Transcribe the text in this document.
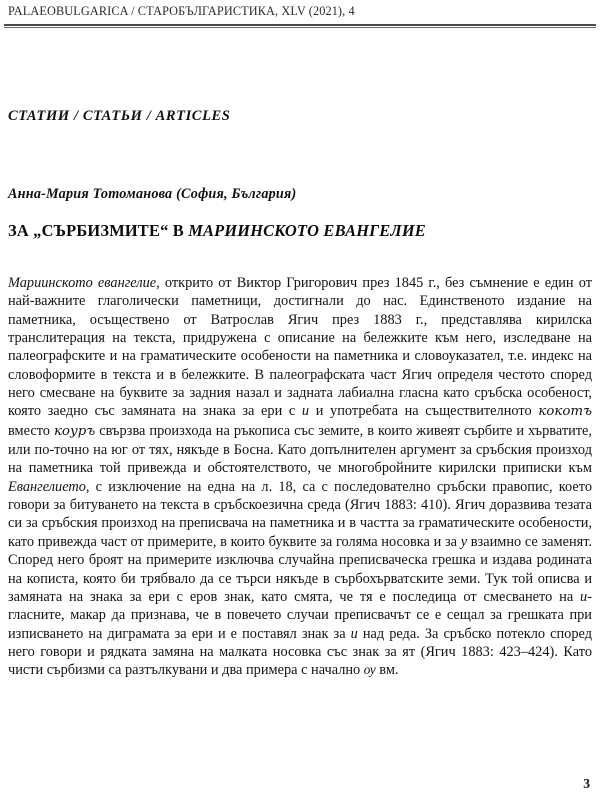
PALAEOBULGARICA / СТАРОБЪЛГАРИСТИКА, XLV (2021), 4
СТАТИИ / СТАТЬИ / ARTICLES
Анна-Мария Тотоманова (София, България)
ЗА „СЪРБИЗМИТЕ“ В МАРИИНСКОТО ЕВАНГЕЛИЕ
Мариинското евангелие, открито от Виктор Григорович през 1845 г., без съмнение е един от най-важните глаголически паметници, достигнали до нас. Единственото издание на паметника, осъществено от Ватрослав Ягич през 1883 г., представлява кирилска транслитерация на текста, придружена с описание на бележките към него, изследване на палеографските и на граматическите особености на паметника и словоуказател, т.е. индекс на словоформите в текста и в бележките. В палеографската част Ягич определя честото според него смесване на буквите за задния назал и задната лабиална гласна като сръбска особеност, която заедно със замяната на знака за ери с и и употребата на съществителното кокотъ вместо коуръ свързва произхода на ръкописа със земите, в които живеят сърбите и хърватите, или по-точно на юг от тях, някъде в Босна. Като допълнителен аргумент за сръбския произход на паметника той привежда и обстоятелството, че многобройните кирилски приписки към Евангелието, с изключение на една на л. 18, са с последователно сръбски правопис, което говори за битуването на текста в сръбскоезична среда (Ягич 1883: 410). Ягич доразвива тезата си за сръбския произход на преписвача на паметника и в частта за граматическите особености, като привежда част от примерите, в които буквите за голяма носовка и за у взаимно се заменят. Според него броят на примерите изключва случайна преписваческа грешка и издава родината на кописта, която би трябвало да се търси някъде в сърбохърватските земи. Тук той описва и замяната на знака за ери с еров знак, като смята, че тя е последица от смесването на и-гласните, макар да признава, че в повечето случаи преписвачът се е сещал за грешката при изписването на диграмата за ери и е поставял знак за и над реда. За сръбско потекло според него говори и рядката замяна на малката носовка със знак за ят (Ягич 1883: 423–424). Като чисти сърбизми са разтълкувани и два примера с начално ѹ вм.
3
